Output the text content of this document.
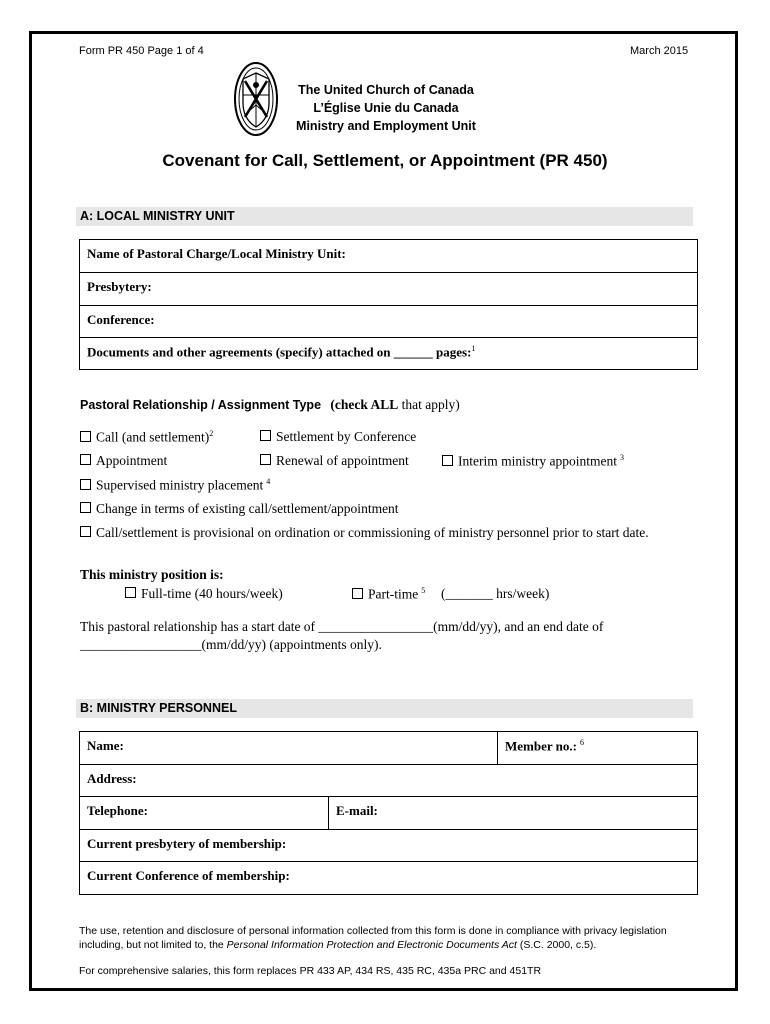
Form PR 450 Page 1 of 4	March 2015
The United Church of Canada
L’Église Unie du Canada
Ministry and Employment Unit
Covenant for Call, Settlement, or Appointment (PR 450)
A: LOCAL MINISTRY UNIT
Name of Pastoral Charge/Local Ministry Unit:
Presbytery:
Conference:
Documents and other agreements (specify) attached on ______ pages:$^1$
Pastoral Relationship / Assignment Type (check ALL that apply)
Call (and settlement)$^2$	Settlement by Conference
Appointment	Renewal of appointment	Interim ministry appointment $^3$
Supervised ministry placement $^4$
Change in terms of existing call/settlement/appointment
Call/settlement is provisional on ordination or commissioning of ministry personnel prior to start date.
This ministry position is:
Full-time (40 hours/week)	Part-time $^5$ (_______ hrs/week)
This pastoral relationship has a start date of _________________(mm/dd/yy), and an end date of
__________________(mm/dd/yy) (appointments only).
B: MINISTRY PERSONNEL
Name:		Member no.: $^6$
Address:		
Telephone:	E-mail:	
Current presbytery of membership:		
Current Conference of membership:		
The use, retention and disclosure of personal information collected from this form is done in compliance with privacy legislation including, but not limited to, the Personal Information Protection and Electronic Documents Act (S.C. 2000, c.5).
For comprehensive salaries, this form replaces PR 433 AP, 434 RS, 435 RC, 435a PRC and 451TR
